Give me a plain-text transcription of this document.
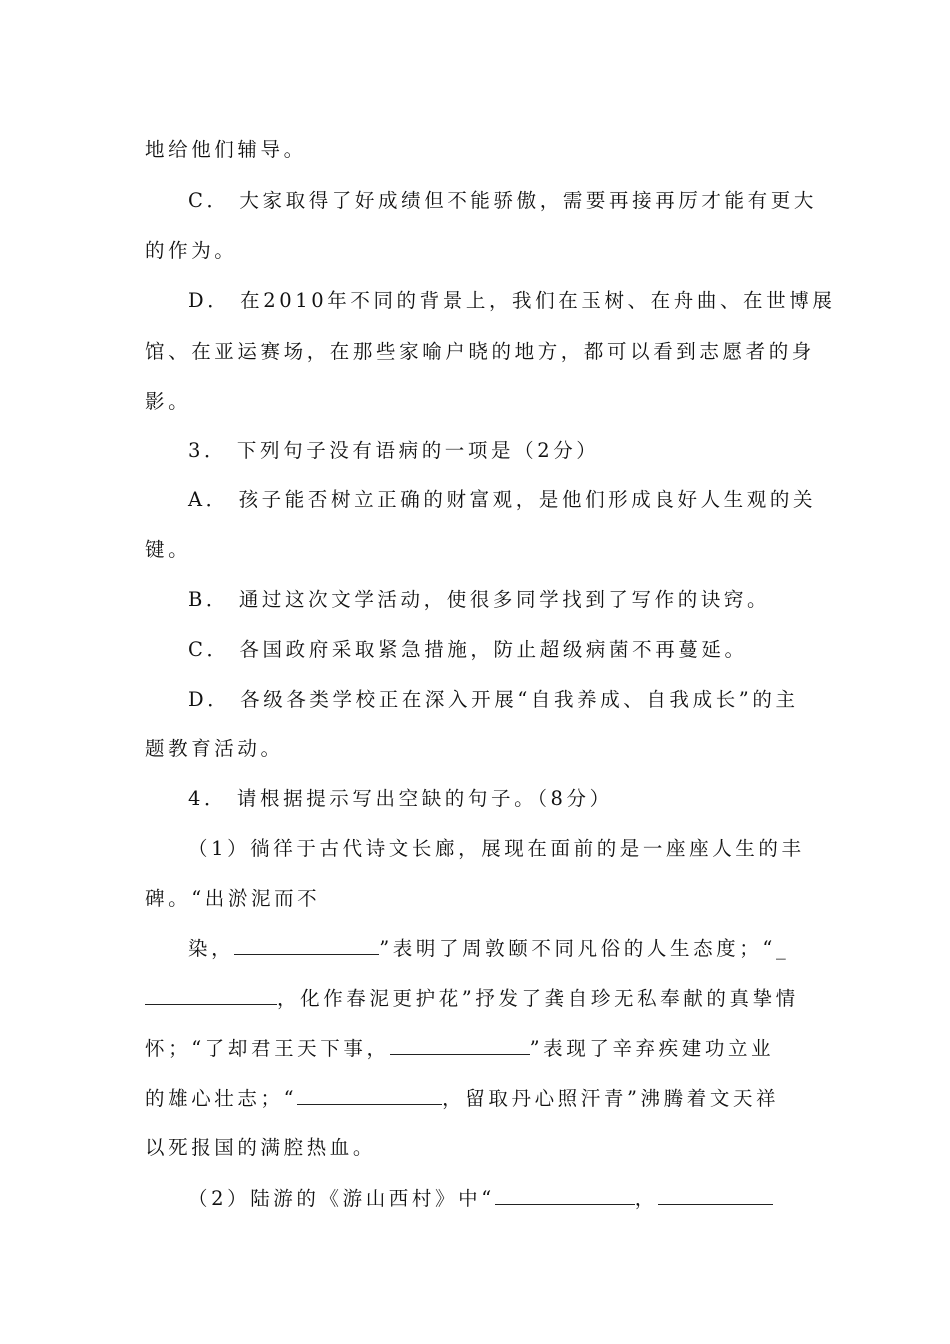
地给他们辅导。
C． 大家取得了好成绩但不能骄傲，需要再接再厉才能有更大
的作为。
D． 在2010年不同的背景上，我们在玉树、在舟曲、在世博展
馆、在亚运赛场，在那些家喻户晓的地方，都可以看到志愿者的身
影。
3． 下列句子没有语病的一项是（2分）
A． 孩子能否树立正确的财富观，是他们形成良好人生观的关
键。
B． 通过这次文学活动，使很多同学找到了写作的诀窍。
C． 各国政府采取紧急措施，防止超级病菌不再蔓延。
D． 各级各类学校正在深入开展“自我养成、自我成长”的主
题教育活动。
4． 请根据提示写出空缺的句子。（8分）
（1）徜徉于古代诗文长廊，展现在面前的是一座座人生的丰
碑。“出淤泥而不
染，	”表明了周敦颐不同凡俗的人生态度；“_
，化作春泥更护花”抒发了龚自珍无私奉献的真挚情
怀；“了却君王天下事，	”表现了辛弃疾建功立业
的雄心壮志；“	，留取丹心照汗青”沸腾着文天祥
以死报国的满腔热血。
（2）陆游的《游山西村》中“	，
